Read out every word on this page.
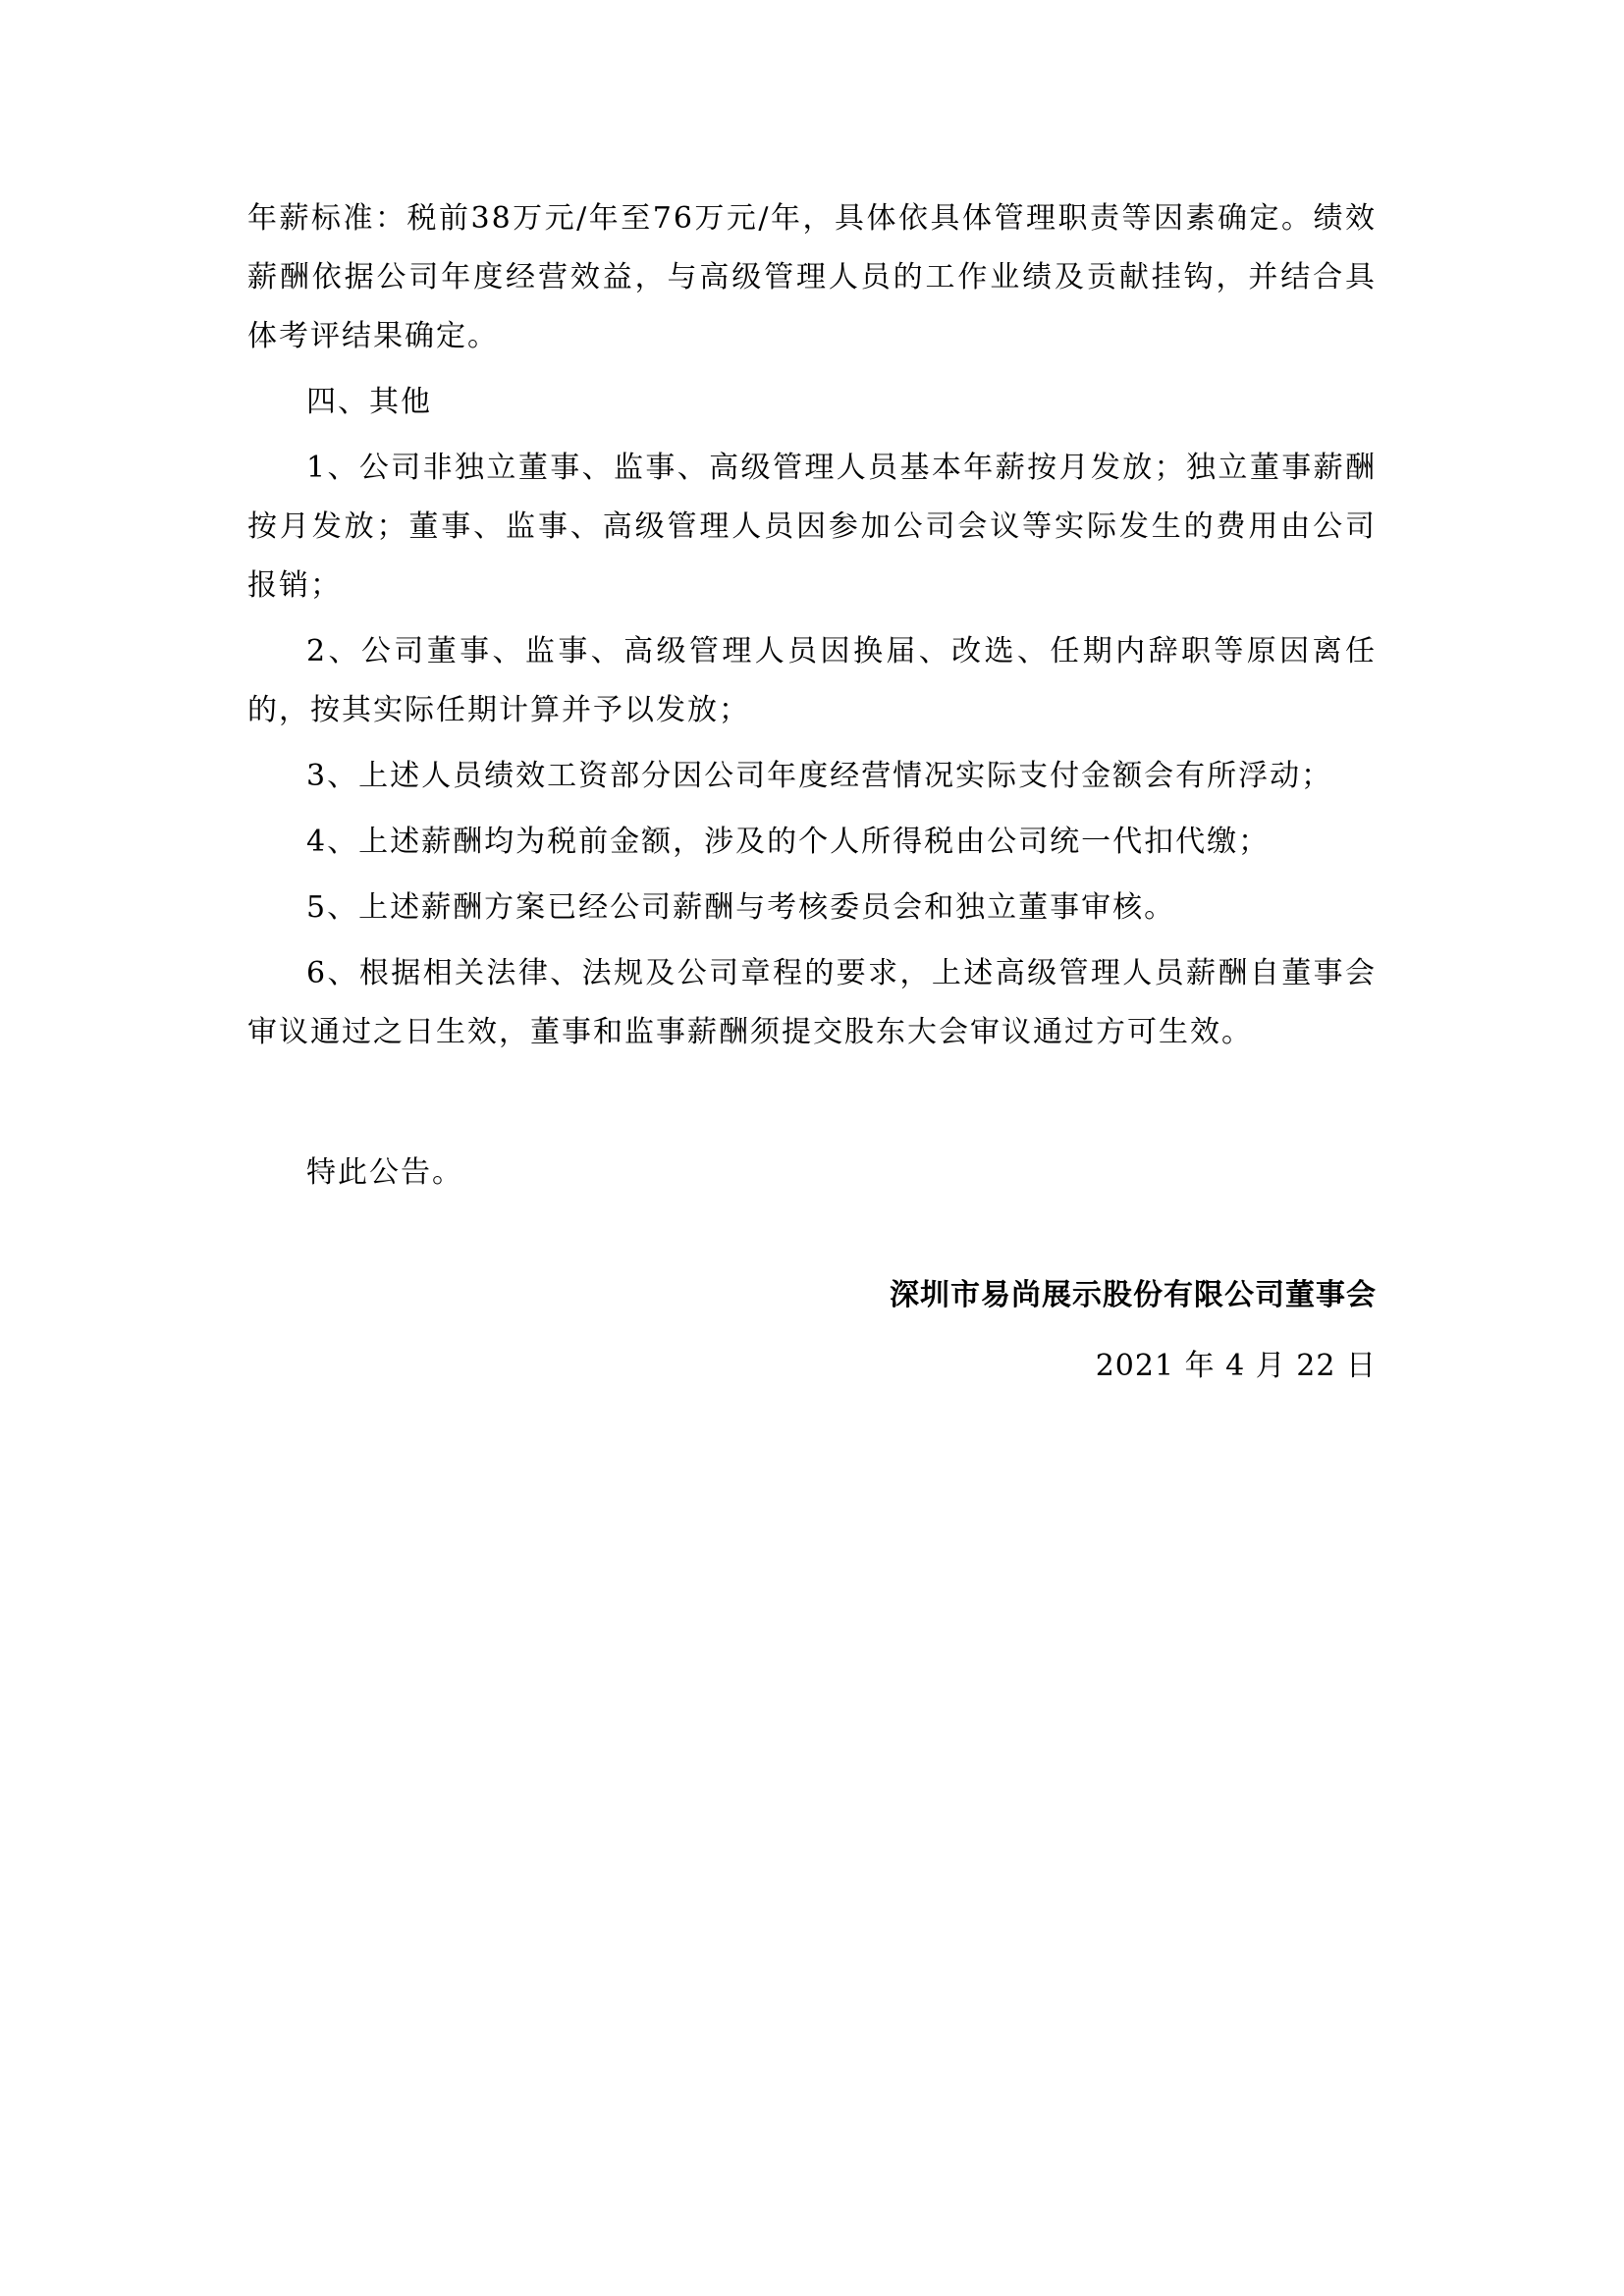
年薪标准：税前38万元/年至76万元/年，具体依具体管理职责等因素确定。绩效薪酬依据公司年度经营效益，与高级管理人员的工作业绩及贡献挂钩，并结合具体考评结果确定。

四、其他

1、公司非独立董事、监事、高级管理人员基本年薪按月发放；独立董事薪酬按月发放；董事、监事、高级管理人员因参加公司会议等实际发生的费用由公司报销；

2、公司董事、监事、高级管理人员因换届、改选、任期内辞职等原因离任的，按其实际任期计算并予以发放；

3、上述人员绩效工资部分因公司年度经营情况实际支付金额会有所浮动；

4、上述薪酬均为税前金额，涉及的个人所得税由公司统一代扣代缴；

5、上述薪酬方案已经公司薪酬与考核委员会和独立董事审核。

6、根据相关法律、法规及公司章程的要求，上述高级管理人员薪酬自董事会审议通过之日生效，董事和监事薪酬须提交股东大会审议通过方可生效。

特此公告。
深圳市易尚展示股份有限公司董事会
2021 年 4 月 22 日
